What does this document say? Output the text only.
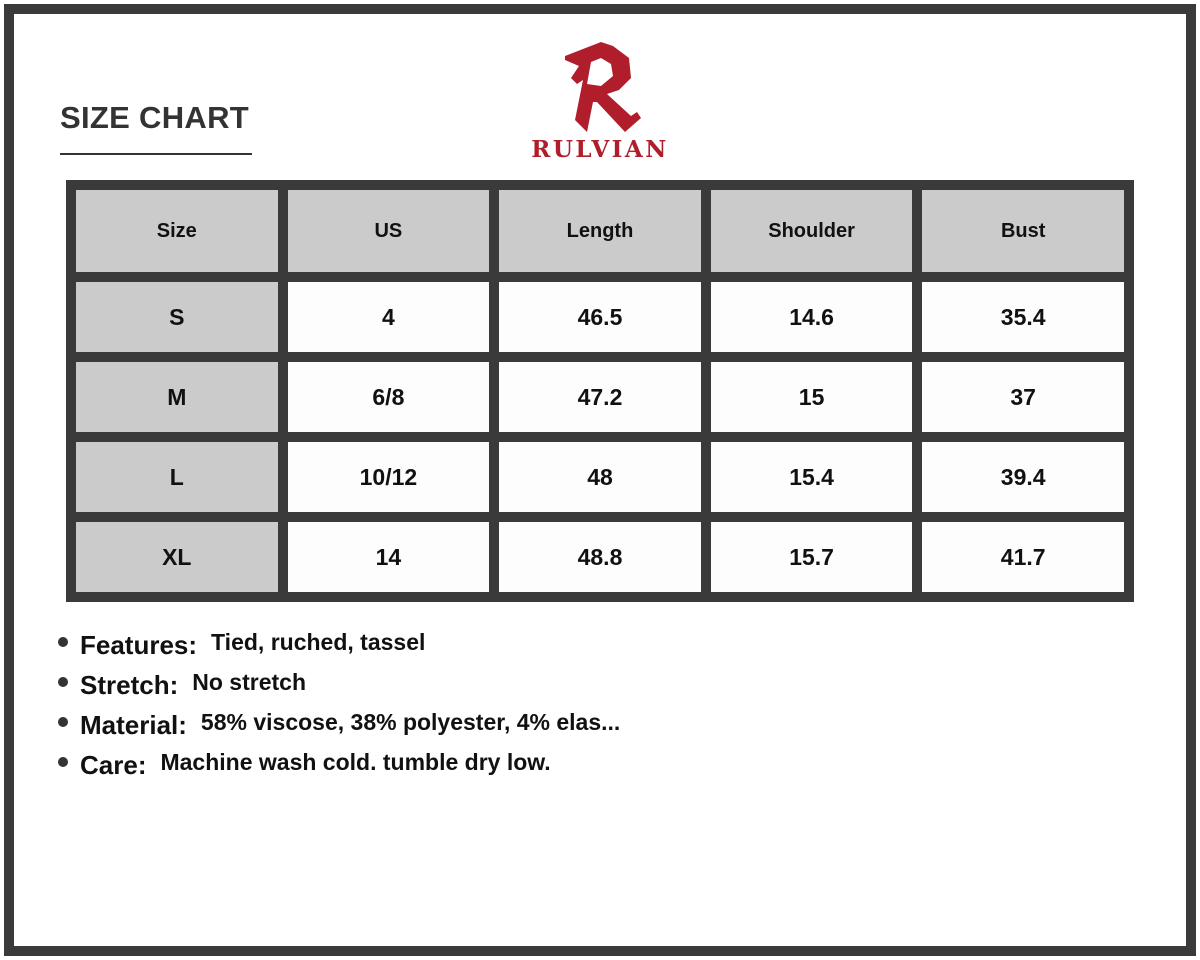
SIZE CHART
RULVIAN
Size	US	Length	Shoulder	Bust
S	4	46.5	14.6	35.4
M	6/8	47.2	15	37
L	10/12	48	15.4	39.4
XL	14	48.8	15.7	41.7
Features: Tied, ruched, tassel
Stretch: No stretch
Material: 58% viscose, 38% polyester, 4% elas...
Care: Machine wash cold. tumble dry low.
